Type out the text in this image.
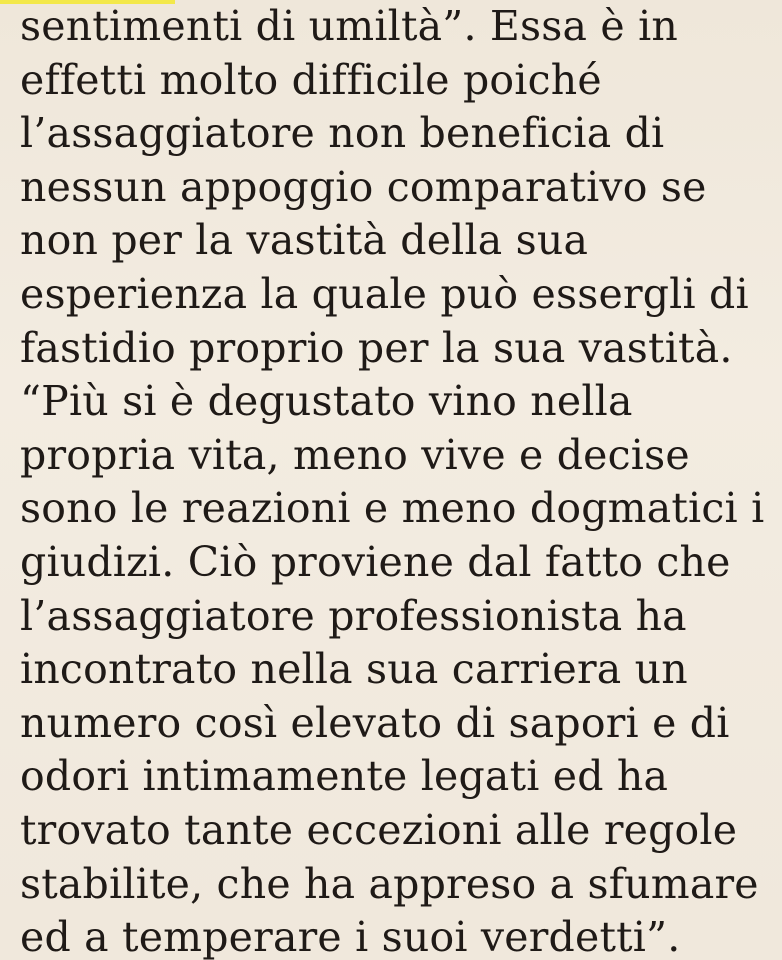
sentimenti di umiltà”. Essa è in
effetti molto difficile poiché
l’assaggiatore non beneficia di
nessun appoggio comparativo se
non per la vastità della sua
esperienza la quale può essergli di
fastidio proprio per la sua vastità.
“Più si è degustato vino nella
propria vita, meno vive e decise
sono le reazioni e meno dogmatici i
giudizi. Ciò proviene dal fatto che
l’assaggiatore professionista ha
incontrato nella sua carriera un
numero così elevato di sapori e di
odori intimamente legati ed ha
trovato tante eccezioni alle regole
stabilite, che ha appreso a sfumare
ed a temperare i suoi verdetti”.
